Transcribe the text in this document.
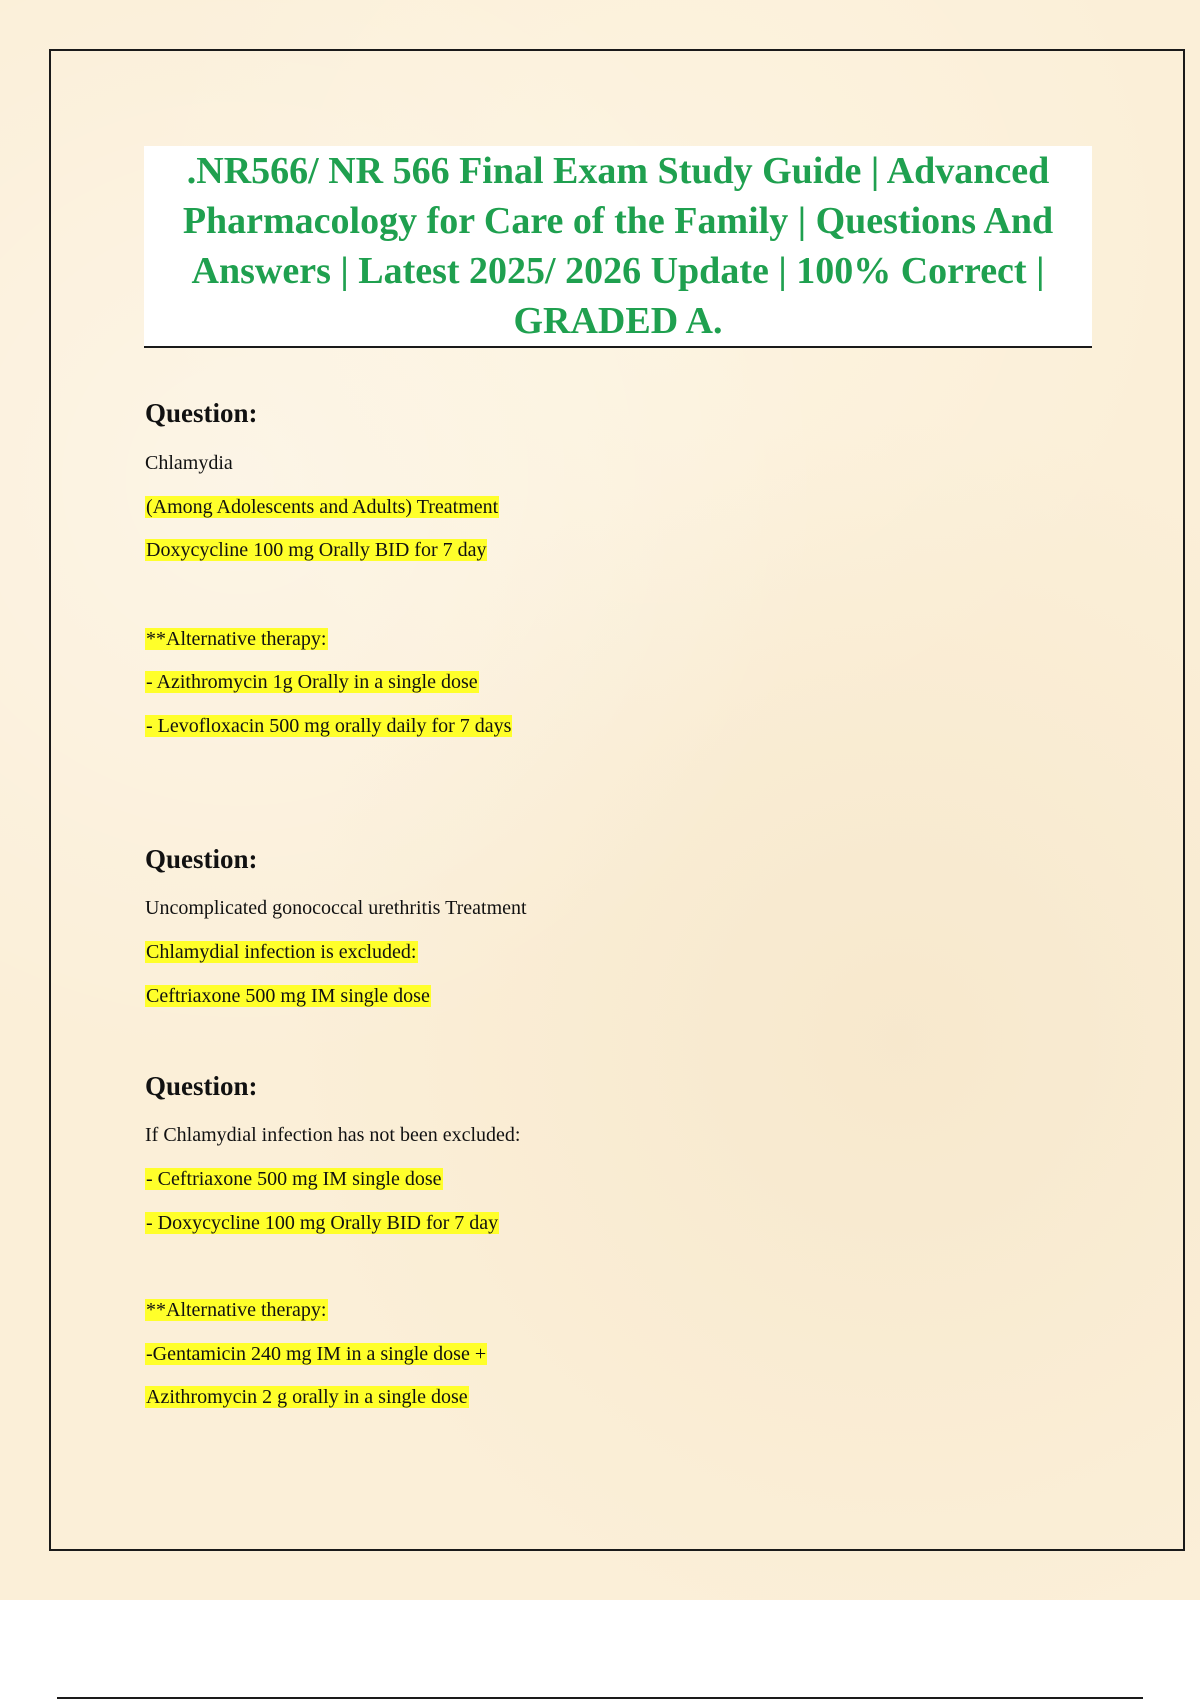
.NR566/ NR 566 Final Exam Study Guide | Advanced Pharmacology for Care of the Family | Questions And Answers | Latest 2025/ 2026 Update | 100% Correct | GRADED A.
Question:

Chlamydia

(Among Adolescents and Adults) Treatment

Doxycycline 100 mg Orally BID for 7 day

**Alternative therapy:

- Azithromycin 1g Orally in a single dose

- Levofloxacin 500 mg orally daily for 7 days

Question:

Uncomplicated gonococcal urethritis Treatment

Chlamydial infection is excluded:

Ceftriaxone 500 mg IM single dose

Question:

If Chlamydial infection has not been excluded:

- Ceftriaxone 500 mg IM single dose

- Doxycycline 100 mg Orally BID for 7 day

**Alternative therapy:

-Gentamicin 240 mg IM in a single dose +

Azithromycin 2 g orally in a single dose
